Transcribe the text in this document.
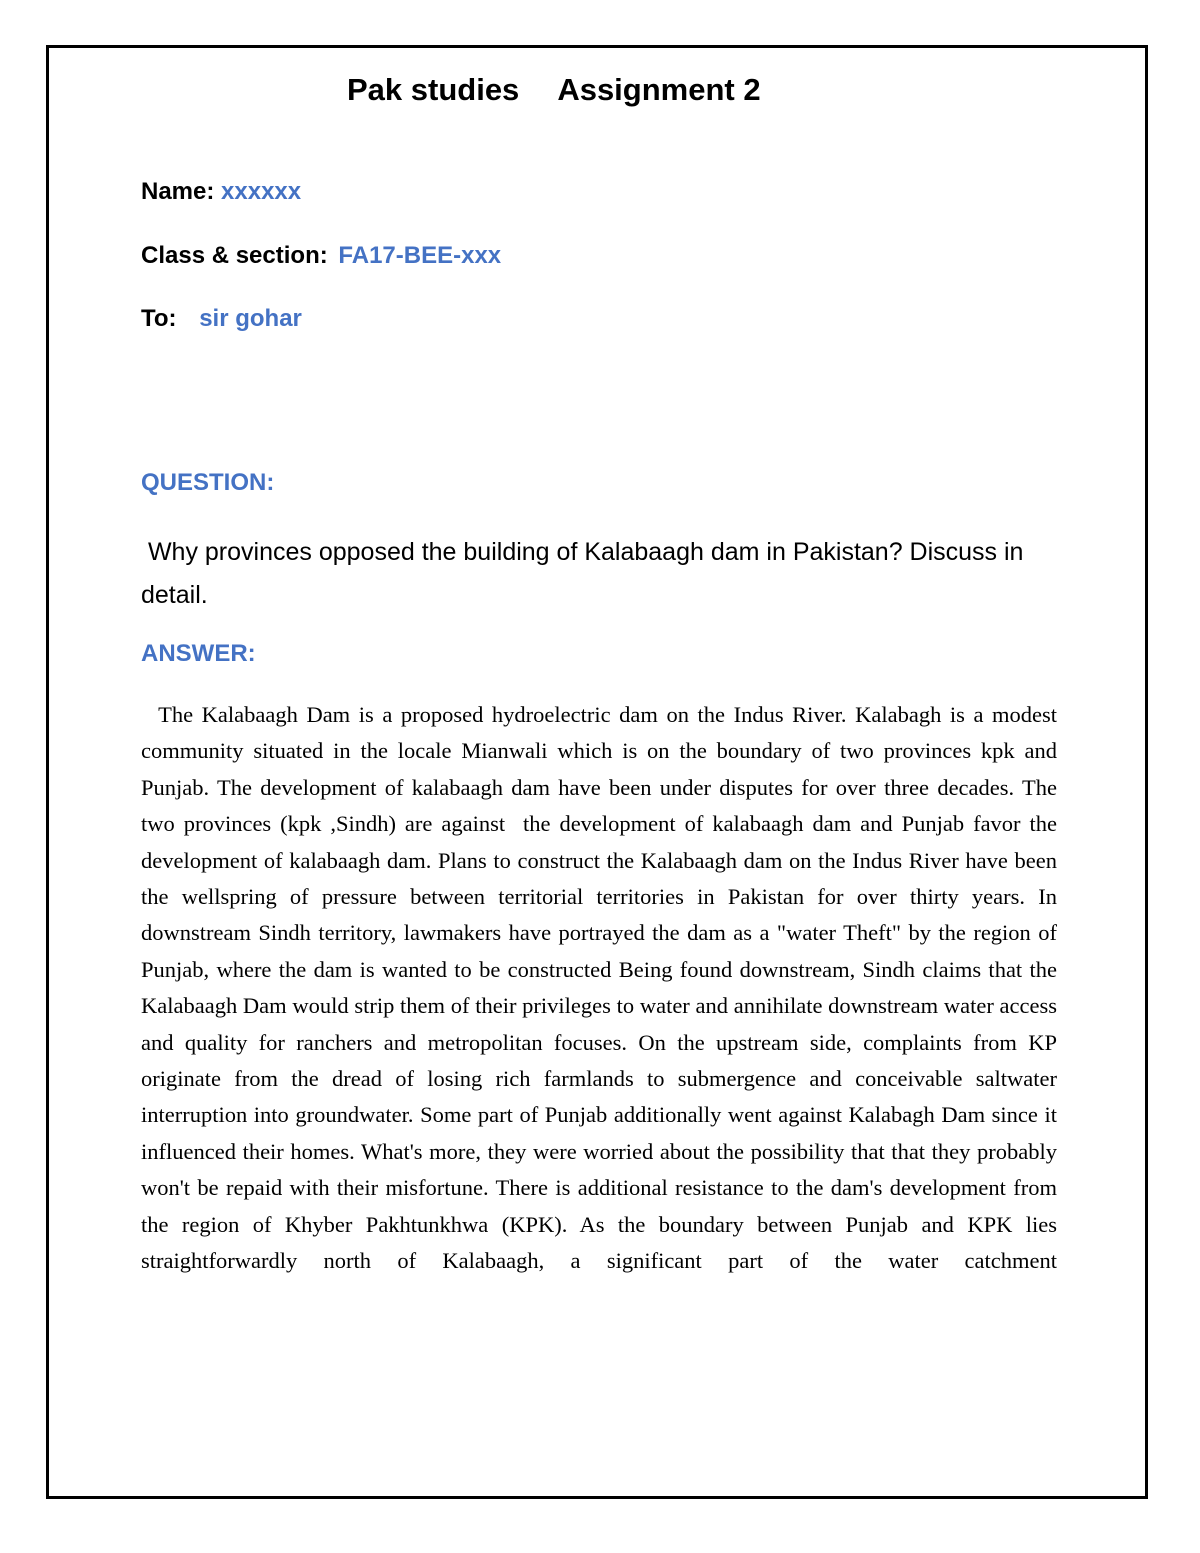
Pak studies Assignment 2
Name: xxxxxx
Class & section: FA17-BEE-xxx
To: sir gohar
QUESTION:
Why provinces opposed the building of Kalabaagh dam in Pakistan? Discuss in detail.
ANSWER:
The Kalabaagh Dam is a proposed hydroelectric dam on the Indus River. Kalabagh is a modest community situated in the locale Mianwali which is on the boundary of two provinces kpk and Punjab. The development of kalabaagh dam have been under disputes for over three decades. The two provinces (kpk ,Sindh) are against  the development of kalabaagh dam and Punjab favor the development of kalabaagh dam. Plans to construct the Kalabaagh dam on the Indus River have been the wellspring of pressure between territorial territories in Pakistan for over thirty years. In downstream Sindh territory, lawmakers have portrayed the dam as a "water Theft" by the region of Punjab, where the dam is wanted to be constructed Being found downstream, Sindh claims that the Kalabaagh Dam would strip them of their privileges to water and annihilate downstream water access and quality for ranchers and metropolitan focuses. On the upstream side, complaints from KP originate from the dread of losing rich farmlands to submergence and conceivable saltwater interruption into groundwater. Some part of Punjab additionally went against Kalabagh Dam since it influenced their homes. What's more, they were worried about the possibility that that they probably won't be repaid with their misfortune. There is additional resistance to the dam's development from the region of Khyber Pakhtunkhwa (KPK). As the boundary between Punjab and KPK lies straightforwardly north of Kalabaagh, a significant part of the water catchment
